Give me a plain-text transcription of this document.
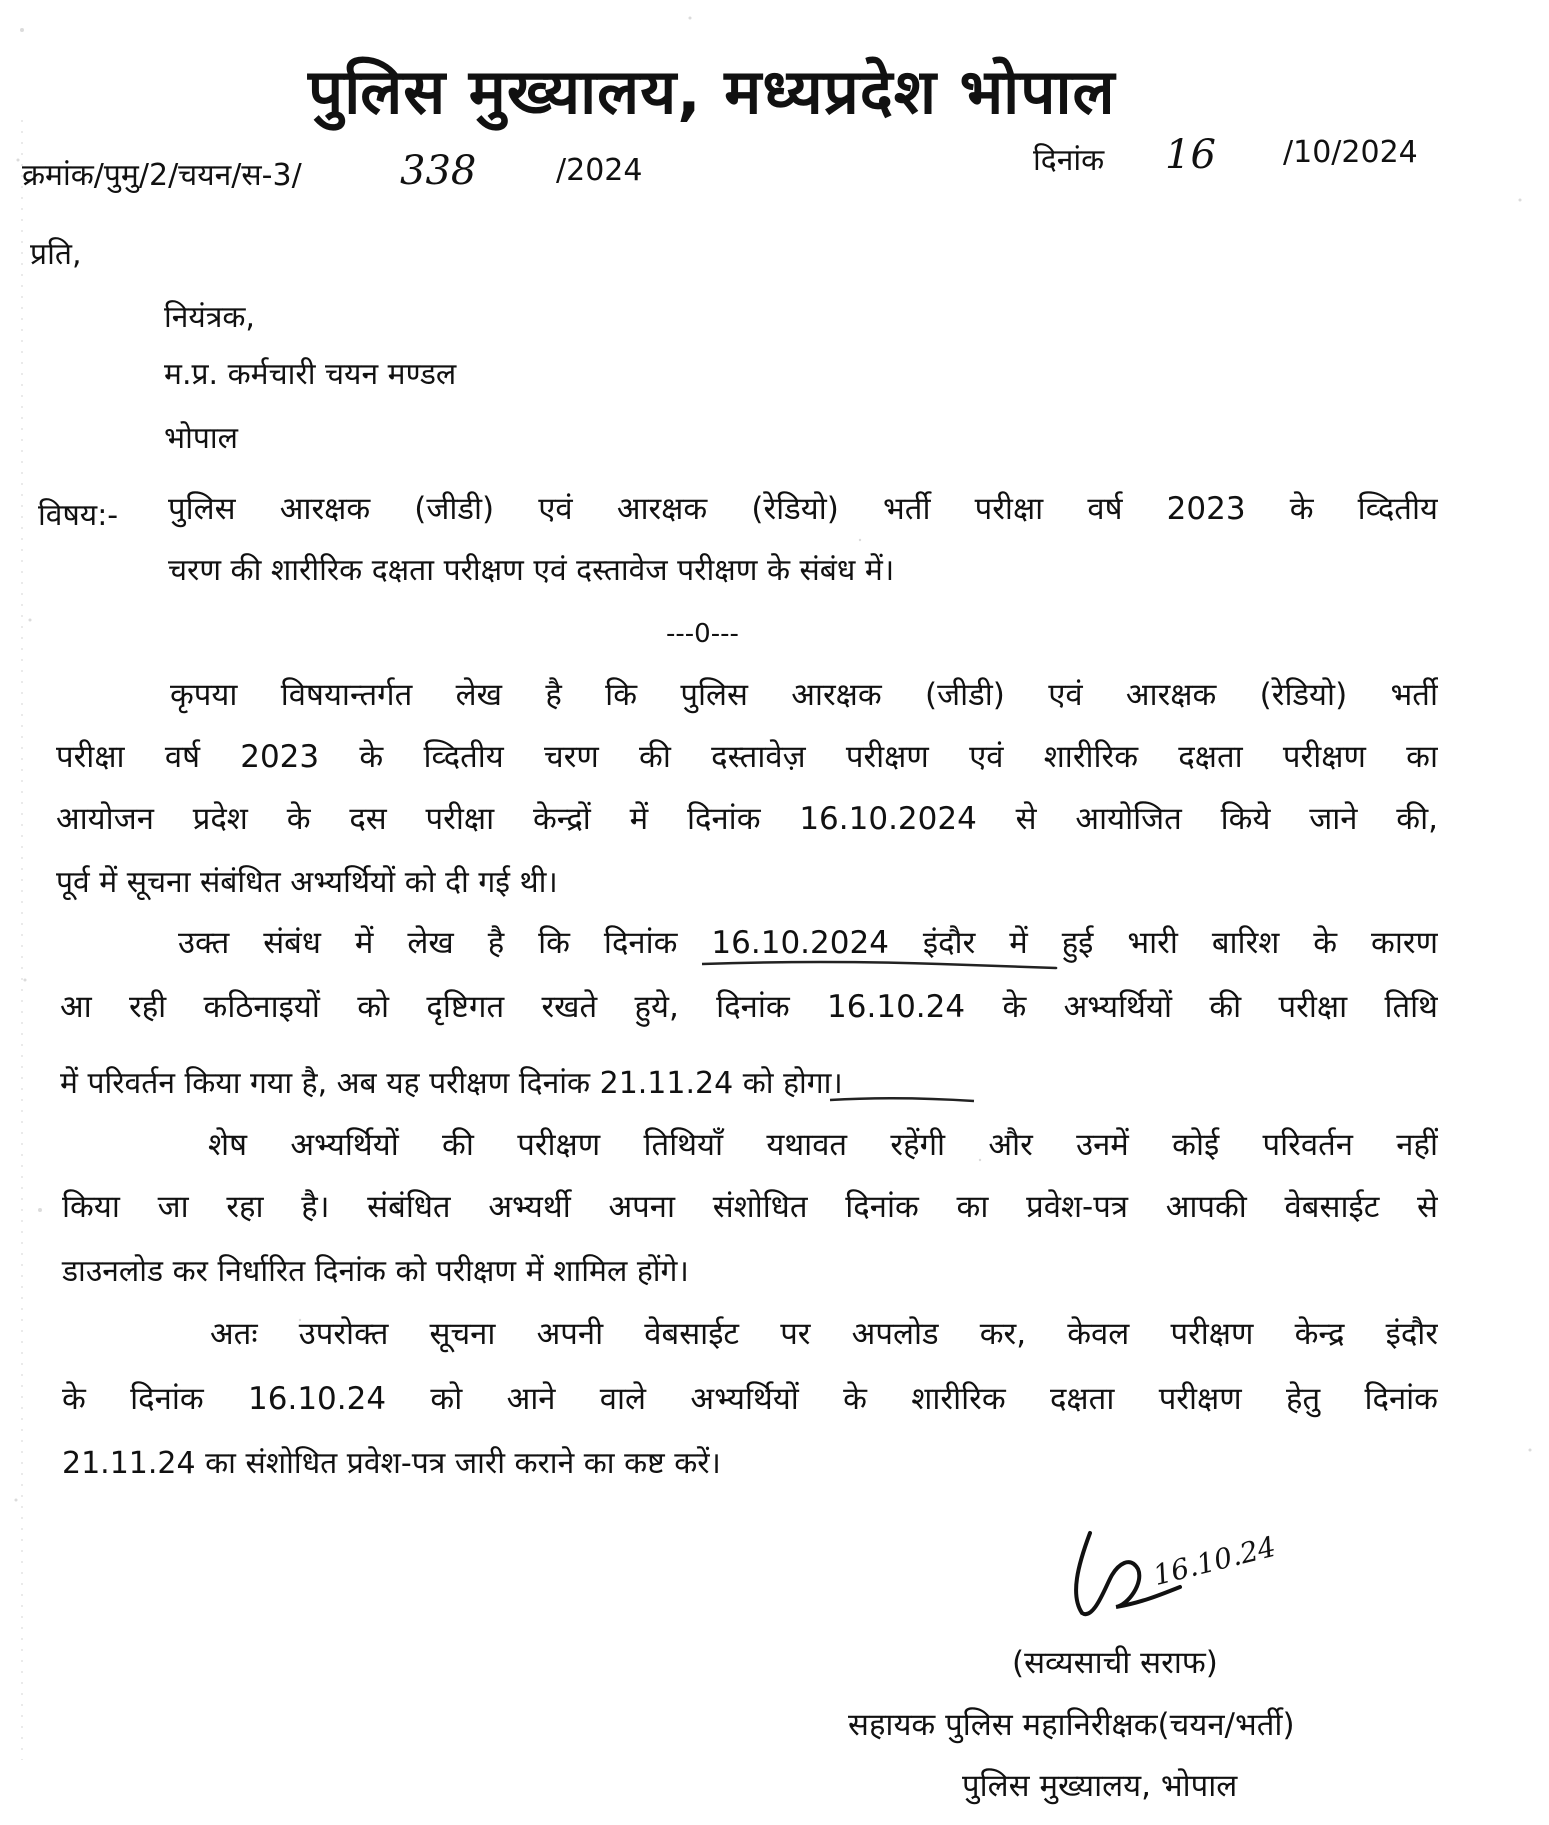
पुलिस मुख्यालय, मध्यप्रदेश भोपाल
क्रमांक/पुमु/2/चयन/स-3/ 338	/2024	दिनांक 16 /10/2024
प्रति,
नियंत्रक,
म.प्र. कर्मचारी चयन मण्डल
भोपाल
विषय:- पुलिस आरक्षक (जीडी) एवं आरक्षक (रेडियो) भर्ती परीक्षा वर्ष 2023 के व्दितीय
चरण की शारीरिक दक्षता परीक्षण एवं दस्तावेज परीक्षण के संबंध में।
---0---
कृपया विषयान्तर्गत लेख है कि पुलिस आरक्षक (जीडी) एवं आरक्षक (रेडियो) भर्ती
परीक्षा वर्ष 2023 के व्दितीय चरण की दस्तावेज़ परीक्षण एवं शारीरिक दक्षता परीक्षण का
आयोजन प्रदेश के दस परीक्षा केन्द्रों में दिनांक 16.10.2024 से आयोजित किये जाने की,
पूर्व में सूचना संबंधित अभ्यर्थियों को दी गई थी।
उक्त संबंध में लेख है कि दिनांक 16.10.2024 इंदौर में हुई भारी बारिश के कारण
आ रही कठिनाइयों को दृष्टिगत रखते हुये, दिनांक 16.10.24 के अभ्यर्थियों की परीक्षा तिथि
में परिवर्तन किया गया है, अब यह परीक्षण दिनांक 21.11.24 को होगा।
शेष अभ्यर्थियों की परीक्षण तिथियाँ यथावत रहेंगी और उनमें कोई परिवर्तन नहीं
किया जा रहा है। संबंधित अभ्यर्थी अपना संशोधित दिनांक का प्रवेश-पत्र आपकी वेबसाईट से
डाउनलोड कर निर्धारित दिनांक को परीक्षण में शामिल होंगे।
अतः उपरोक्त सूचना अपनी वेबसाईट पर अपलोड कर, केवल परीक्षण केन्द्र इंदौर
के दिनांक 16.10.24 को आने वाले अभ्यर्थियों के शारीरिक दक्षता परीक्षण हेतु दिनांक
21.11.24 का संशोधित प्रवेश-पत्र जारी कराने का कष्ट करें।
16.10.24
(सव्यसाची सराफ)
सहायक पुलिस महानिरीक्षक(चयन/भर्ती)
पुलिस मुख्यालय, भोपाल
